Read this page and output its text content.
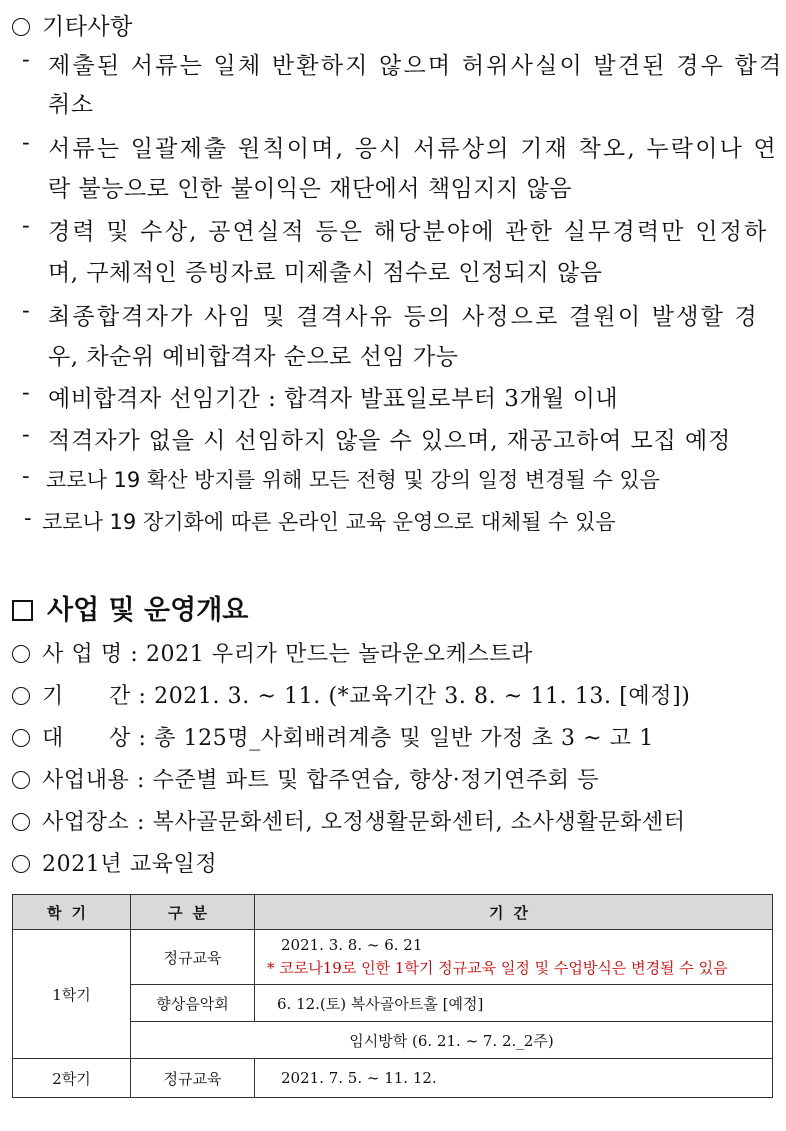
기타사항
- 제출된 서류는 일체 반환하지 않으며 허위사실이 발견된 경우 합격
취소
- 서류는 일괄제출 원칙이며, 응시 서류상의 기재 착오, 누락이나 연
락 불능으로 인한 불이익은 재단에서 책임지지 않음
- 경력 및 수상, 공연실적 등은 해당분야에 관한 실무경력만 인정하
며, 구체적인 증빙자료 미제출시 점수로 인정되지 않음
- 최종합격자가 사임 및 결격사유 등의 사정으로 결원이 발생할 경
우, 차순위 예비합격자 순으로 선임 가능
- 예비합격자 선임기간 : 합격자 발표일로부터 3개월 이내
- 적격자가 없을 시 선임하지 않을 수 있으며, 재공고하여 모집 예정
- 코로나 19 확산 방지를 위해 모든 전형 및 강의 일정 변경될 수 있음
- 코로나 19 장기화에 따른 온라인 교육 운영으로 대체될 수 있음
사업 및 운영개요
사 업 명 : 2021 우리가 만드는 놀라운오케스트라
기　　간 : 2021. 3. ~ 11. (*교육기간 3. 8. ~ 11. 13. [예정])
대　　상 : 총 125명_사회배려계층 및 일반 가정 초 3 ~ 고 1
사업내용 : 수준별 파트 및 합주연습, 향상·정기연주회 등
사업장소 : 복사골문화센터, 오정생활문화센터, 소사생활문화센터
2021년 교육일정
학기	구분	기간
1학기	정규교육	2021. 3. 8. ~ 6. 21
* 코로나19로 인한 1학기 정규교육 일정 및 수업방식은 변경될 수 있음

	향상음악회	6. 12.(토) 복사골아트홀 [예정]
	임시방학 (6. 21. ~ 7. 2._2주)	
2학기	정규교육	2021. 7. 5. ~ 11. 12.
